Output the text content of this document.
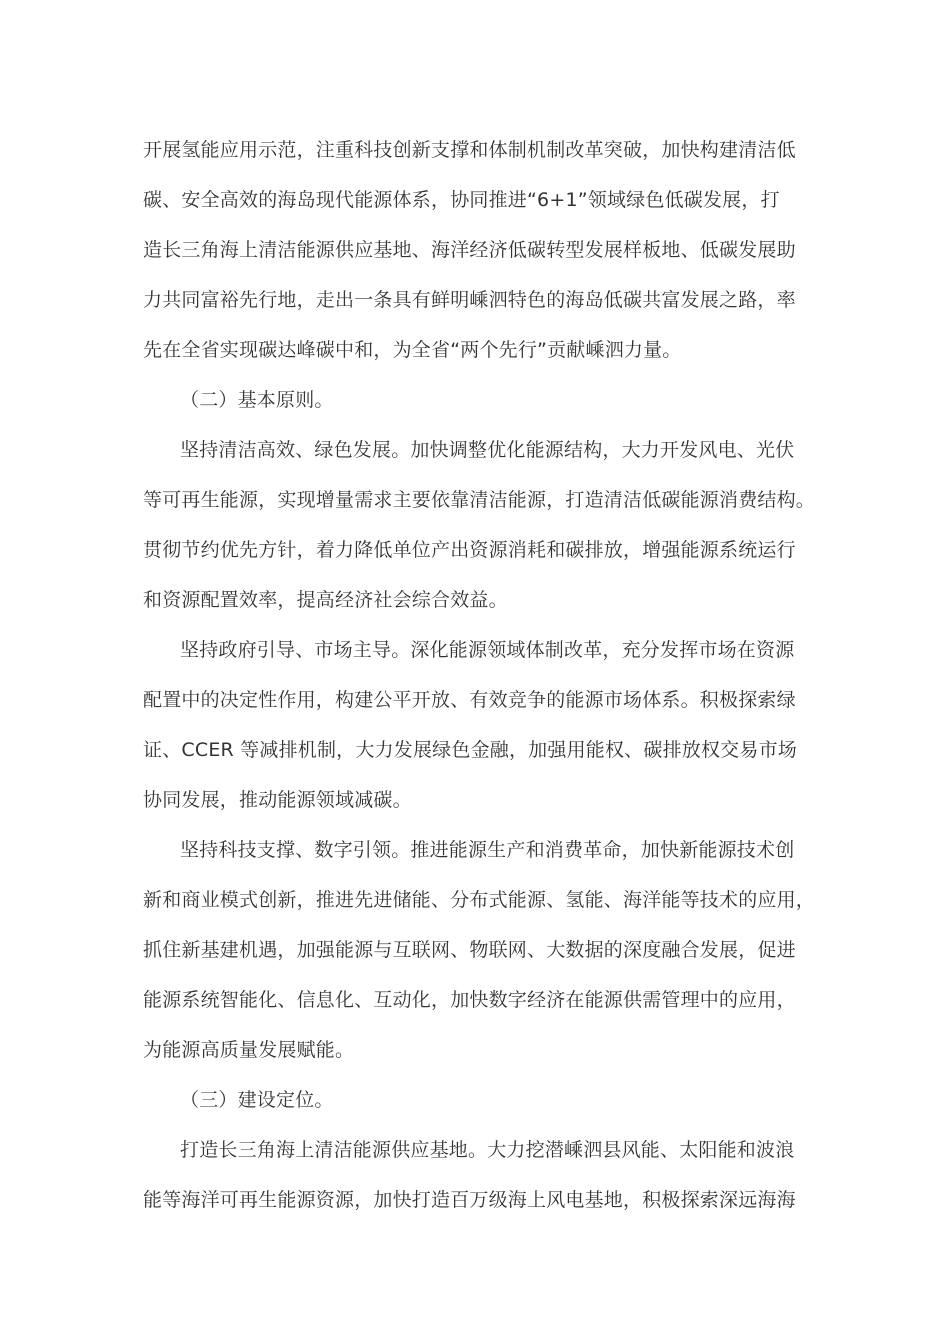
开展氢能应用示范，注重科技创新支撑和体制机制改革突破，加快构建清洁低
碳、安全高效的海岛现代能源体系，协同推进“6+1”领域绿色低碳发展，打
造长三角海上清洁能源供应基地、海洋经济低碳转型发展样板地、低碳发展助
力共同富裕先行地，走出一条具有鲜明嵊泗特色的海岛低碳共富发展之路，率
先在全省实现碳达峰碳中和，为全省“两个先行”贡献嵊泗力量。
（二）基本原则。
坚持清洁高效、绿色发展。加快调整优化能源结构，大力开发风电、光伏
等可再生能源，实现增量需求主要依靠清洁能源，打造清洁低碳能源消费结构。
贯彻节约优先方针，着力降低单位产出资源消耗和碳排放，增强能源系统运行
和资源配置效率，提高经济社会综合效益。
坚持政府引导、市场主导。深化能源领域体制改革，充分发挥市场在资源
配置中的决定性作用，构建公平开放、有效竞争的能源市场体系。积极探索绿
证、CCER 等减排机制，大力发展绿色金融，加强用能权、碳排放权交易市场
协同发展，推动能源领域减碳。
坚持科技支撑、数字引领。推进能源生产和消费革命，加快新能源技术创
新和商业模式创新，推进先进储能、分布式能源、氢能、海洋能等技术的应用，
抓住新基建机遇，加强能源与互联网、物联网、大数据的深度融合发展，促进
能源系统智能化、信息化、互动化，加快数字经济在能源供需管理中的应用，
为能源高质量发展赋能。
（三）建设定位。
打造长三角海上清洁能源供应基地。大力挖潜嵊泗县风能、太阳能和波浪
能等海洋可再生能源资源，加快打造百万级海上风电基地，积极探索深远海海
